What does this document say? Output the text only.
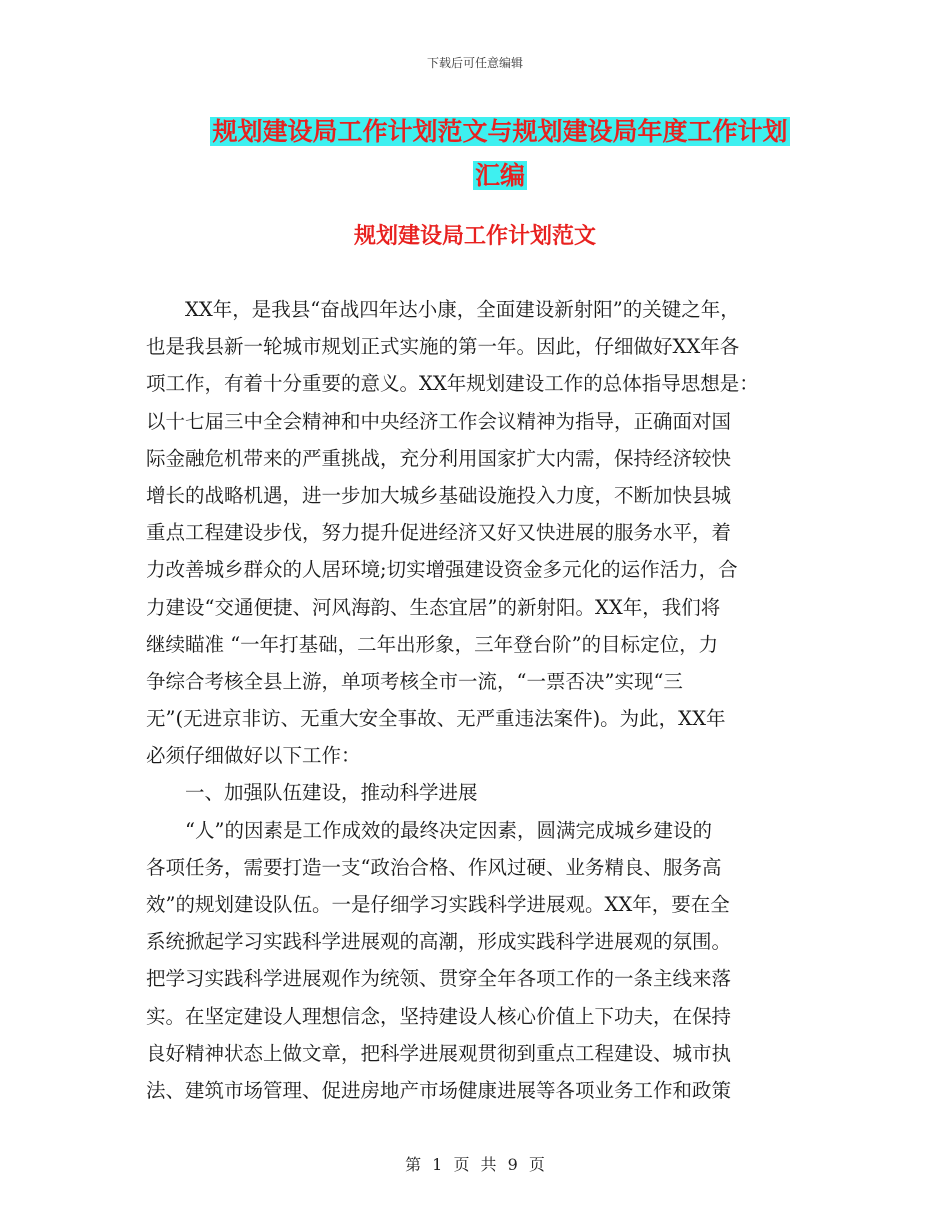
下载后可任意编辑
规划建设局工作计划范文与规划建设局年度工作计划
汇编
规划建设局工作计划范文
　　XX年，是我县“奋战四年达小康，全面建设新射阳”的关键之年，
也是我县新一轮城市规划正式实施的第一年。因此，仔细做好XX年各
项工作，有着十分重要的意义。XX年规划建设工作的总体指导思想是：
以十七届三中全会精神和中央经济工作会议精神为指导，正确面对国
际金融危机带来的严重挑战，充分利用国家扩大内需，保持经济较快
增长的战略机遇，进一步加大城乡基础设施投入力度，不断加快县城
重点工程建设步伐，努力提升促进经济又好又快进展的服务水平，着
力改善城乡群众的人居环境;切实增强建设资金多元化的运作活力，合
力建设“交通便捷、河风海韵、生态宜居”的新射阳。XX年，我们将
继续瞄准 “一年打基础，二年出形象，三年登台阶”的目标定位，力
争综合考核全县上游，单项考核全市一流，“一票否决”实现“三
无”(无进京非访、无重大安全事故、无严重违法案件)。为此，XX年
必须仔细做好以下工作：
　　一、加强队伍建设，推动科学进展
　　“人”的因素是工作成效的最终决定因素，圆满完成城乡建设的
各项任务，需要打造一支“政治合格、作风过硬、业务精良、服务高
效”的规划建设队伍。一是仔细学习实践科学进展观。XX年，要在全
系统掀起学习实践科学进展观的高潮，形成实践科学进展观的氛围。
把学习实践科学进展观作为统领、贯穿全年各项工作的一条主线来落
实。在坚定建设人理想信念，坚持建设人核心价值上下功夫，在保持
良好精神状态上做文章，把科学进展观贯彻到重点工程建设、城市执
法、建筑市场管理、促进房地产市场健康进展等各项业务工作和政策
第 1 页 共 9 页
